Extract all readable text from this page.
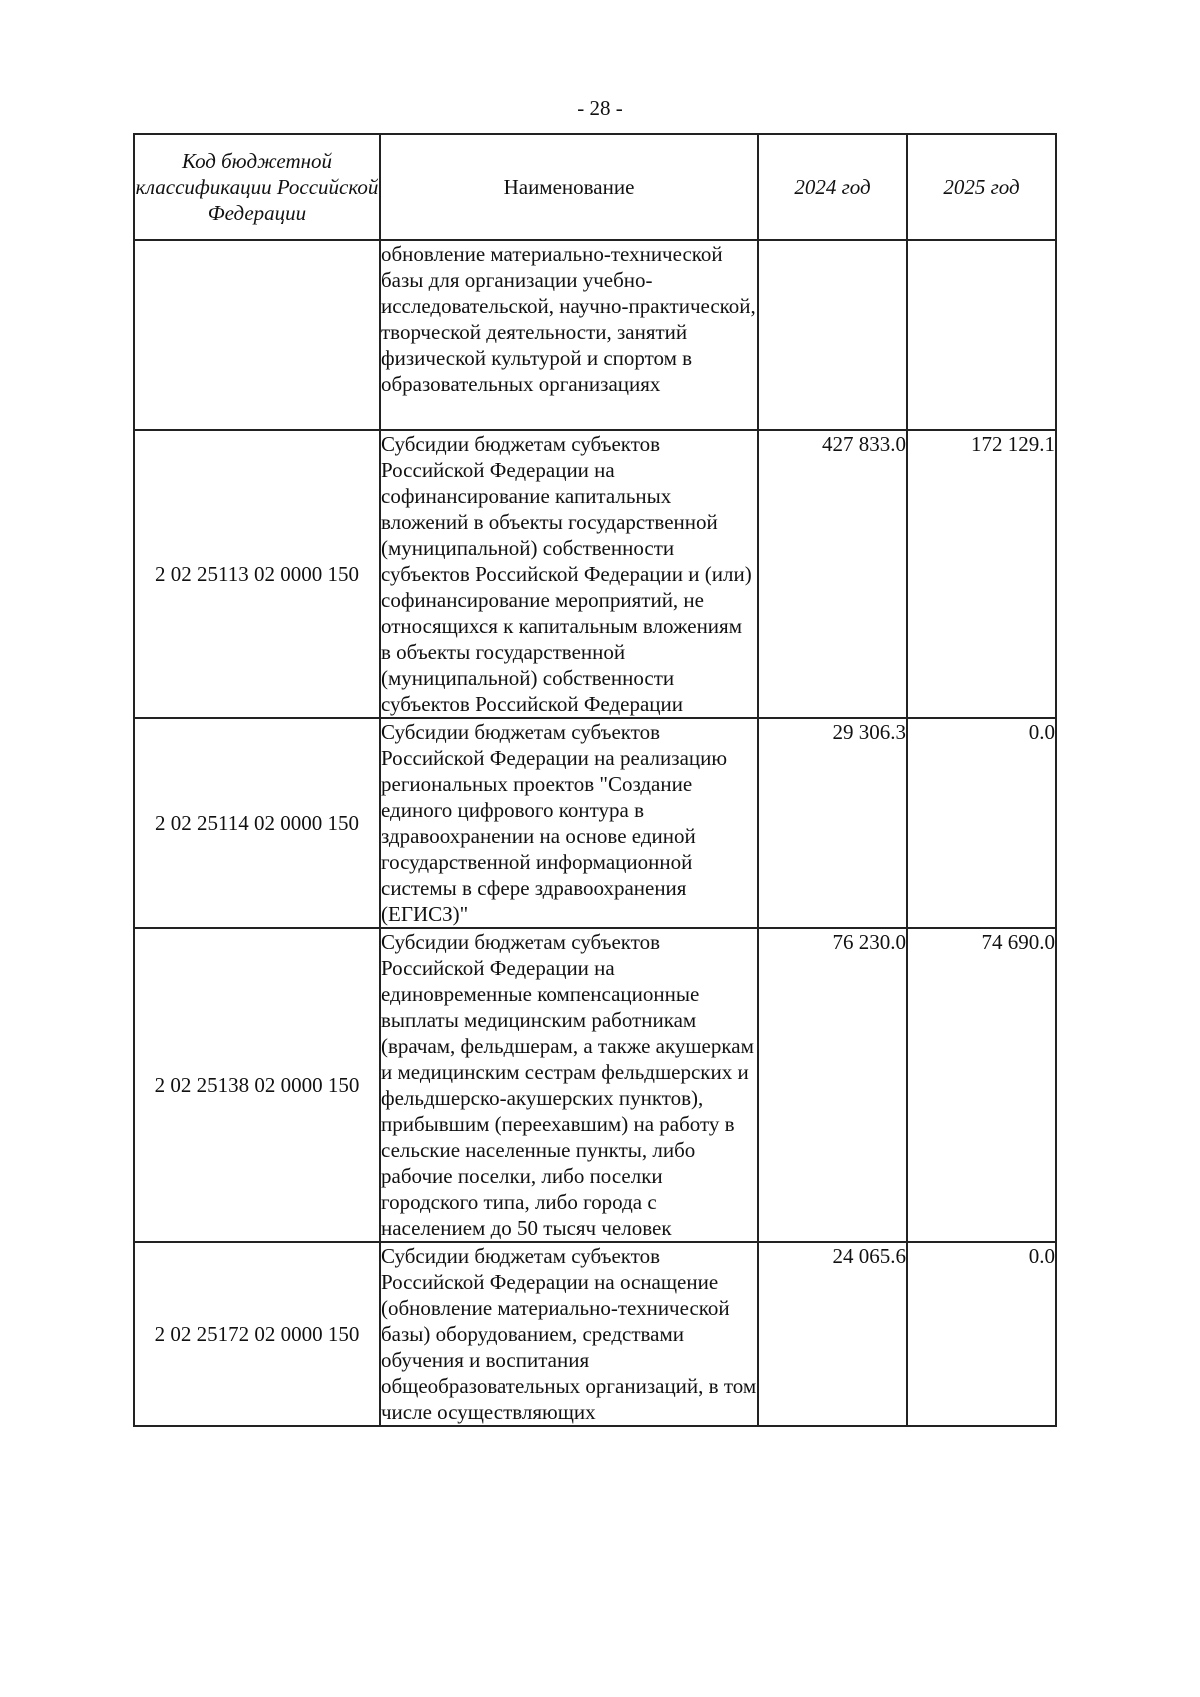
- 28 -
Код бюджетной классификации Российской Федерации	Наименование	2024 год	2025 год
	обновление материально-технической базы для организации учебно-исследовательской, научно-практической, творческой деятельности, занятий физической культурой и спортом в образовательных организациях		
2 02 25113 02 0000 150	Субсидии бюджетам субъектов Российской Федерации на софинансирование капитальных вложений в объекты государственной (муниципальной) собственности субъектов Российской Федерации и (или) софинансирование мероприятий, не относящихся к капитальным вложениям в объекты государственной (муниципальной) собственности субъектов Российской Федерации	427 833.0	172 129.1
2 02 25114 02 0000 150	Субсидии бюджетам субъектов Российской Федерации на реализацию региональных проектов "Создание единого цифрового контура в здравоохранении на основе единой государственной информационной системы в сфере здравоохранения (ЕГИСЗ)"	29 306.3	0.0
2 02 25138 02 0000 150	Субсидии бюджетам субъектов Российской Федерации на единовременные компенсационные выплаты медицинским работникам (врачам, фельдшерам, а также акушеркам и медицинским сестрам фельдшерских и фельдшерско-акушерских пунктов), прибывшим (переехавшим) на работу в сельские населенные пункты, либо рабочие поселки, либо поселки городского типа, либо города с населением до 50 тысяч человек	76 230.0	74 690.0
2 02 25172 02 0000 150	Субсидии бюджетам субъектов Российской Федерации на оснащение (обновление материально-технической базы) оборудованием, средствами обучения и воспитания общеобразовательных организаций, в том числе осуществляющих	24 065.6	0.0
